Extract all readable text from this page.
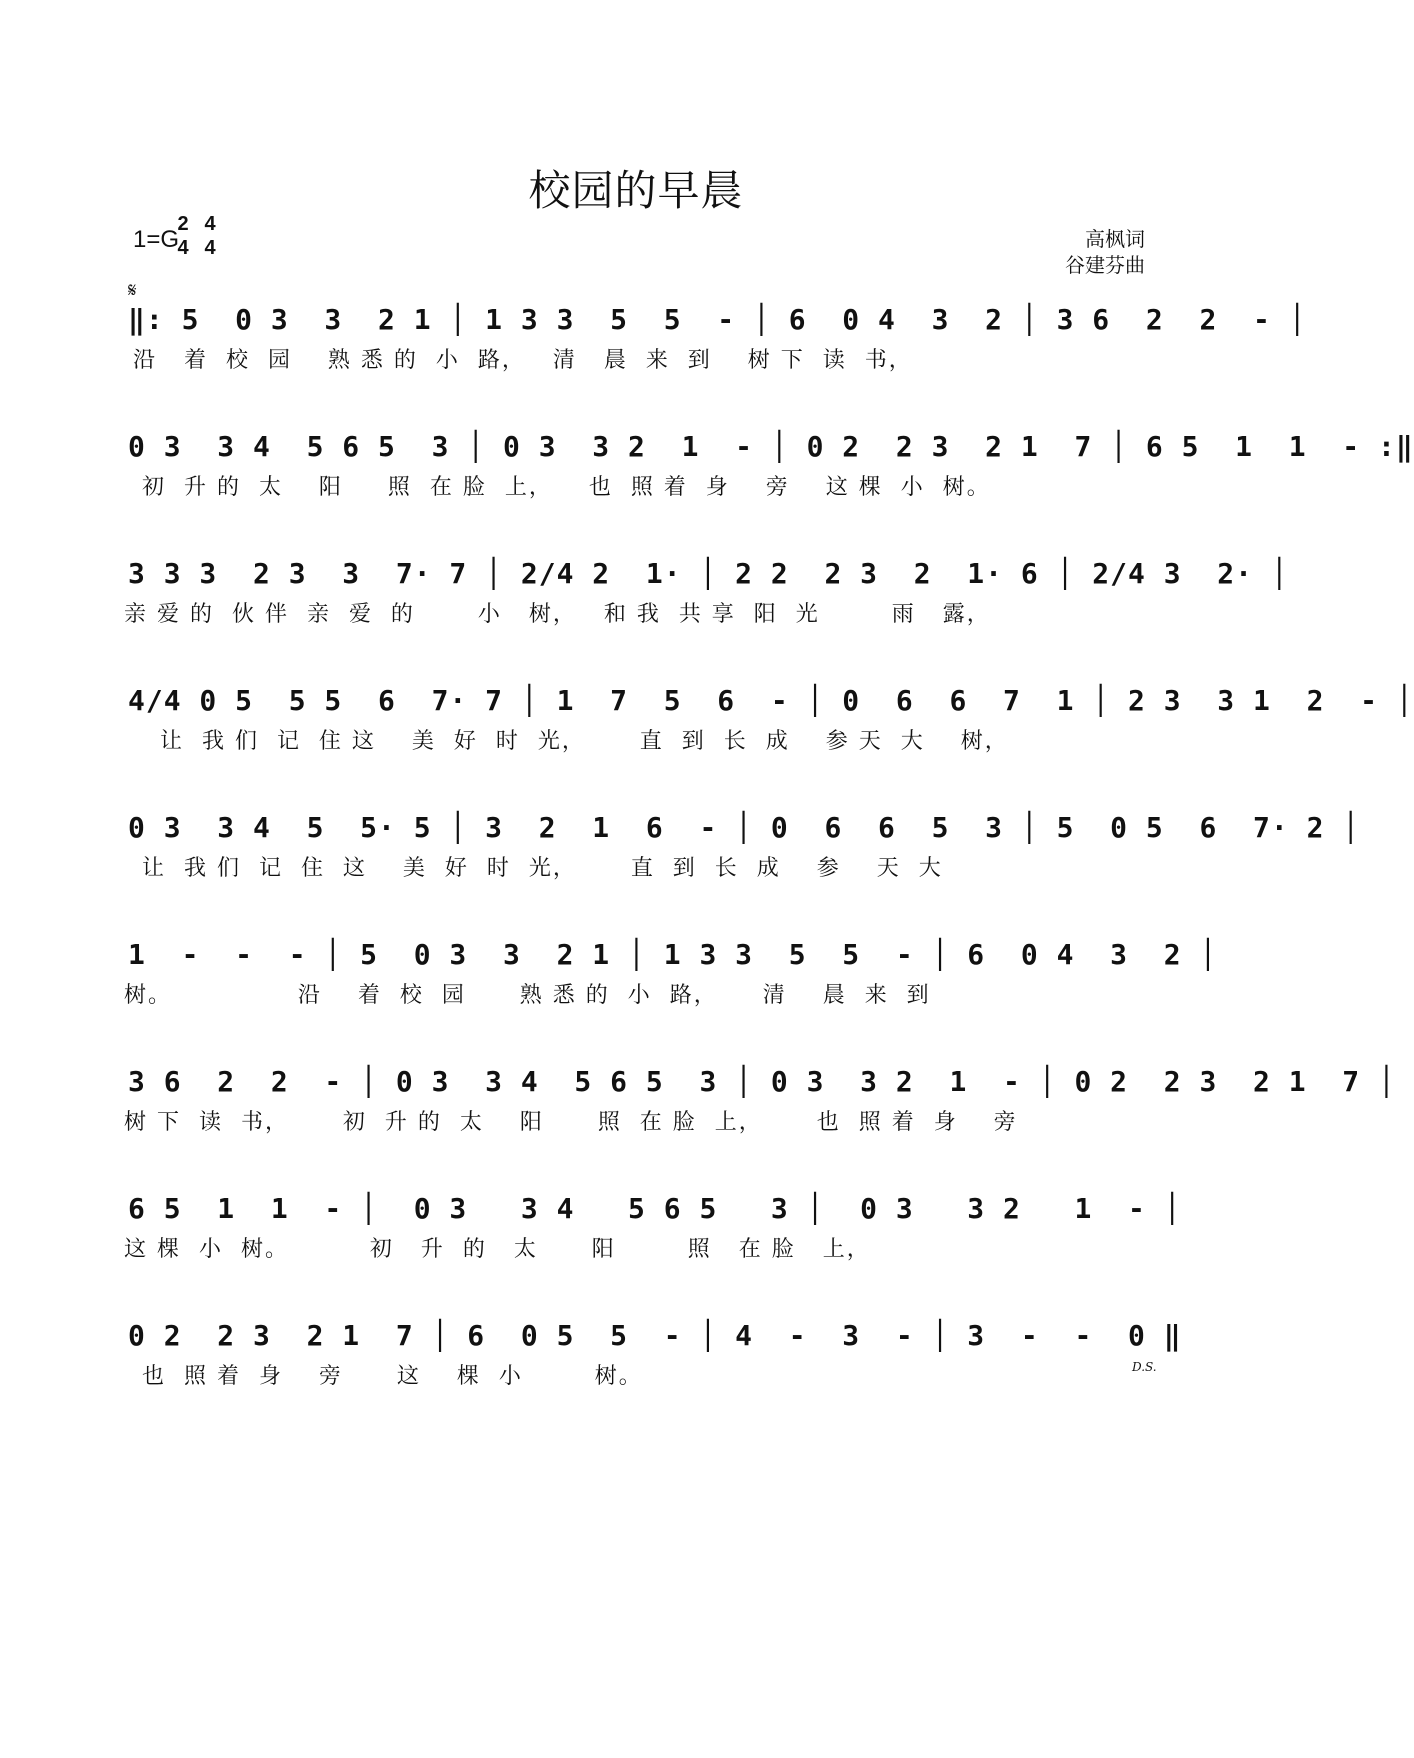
校园的早晨
1=G
2
4
4
4	高枫词
谷建芬曲
𝄋
‖: 5  0 3  3  2 1 │ 1 3 3  5  5  - │ 6  0 4  3  2 │ 3 6  2  2  - │
沿   着  校  园    熟 悉 的  小  路，   清   晨  来  到    树 下  读  书，
0 3  3 4  5 6 5  3 │ 0 3  3 2  1  - │ 0 2  2 3  2 1  7 │ 6 5  1  1  - :‖
初  升 的  太    阳     照  在 脸  上，    也  照 着  身    旁    这 棵  小  树。
3 3 3  2 3  3  7· 7 │ 2/4 2  1· │ 2 2  2 3  2  1· 6 │ 2/4 3  2· │
亲 爱 的  伙 伴  亲  爱  的       小   树，   和 我  共 享  阳  光        雨   露，
4/4 0 5  5 5  6  7· 7 │ 1  7  5  6  - │ 0  6  6  7  1 │ 2 3  3 1  2  - │
让  我 们  记  住 这    美  好  时  光，      直  到  长  成    参 天  大    树，
0 3  3 4  5  5· 5 │ 3  2  1  6  - │ 0  6  6  5  3 │ 5  0 5  6  7· 2 │
让  我 们  记  住  这    美  好  时  光，      直  到  长  成    参    天  大
1  -  -  - │ 5  0 3  3  2 1 │ 1 3 3  5  5  - │ 6  0 4  3  2 │
树。              沿    着  校  园      熟 悉 的  小  路，     清    晨  来  到
3 6  2  2  - │ 0 3  3 4  5 6 5  3 │ 0 3  3 2  1  - │ 0 2  2 3  2 1  7 │
树 下  读  书，      初  升 的  太    阳      照  在 脸  上，      也  照 着  身    旁
6 5  1  1  - │  0 3   3 4   5 6 5   3 │  0 3   3 2   1  - │
这 棵  小  树。         初   升  的   太      阳        照   在 脸   上，
0 2  2 3  2 1  7 │ 6  0 5  5  - │ 4  -  3  - │ 3  -  -  0 ‖
也  照 着  身    旁      这    棵  小        树。	D.S.
